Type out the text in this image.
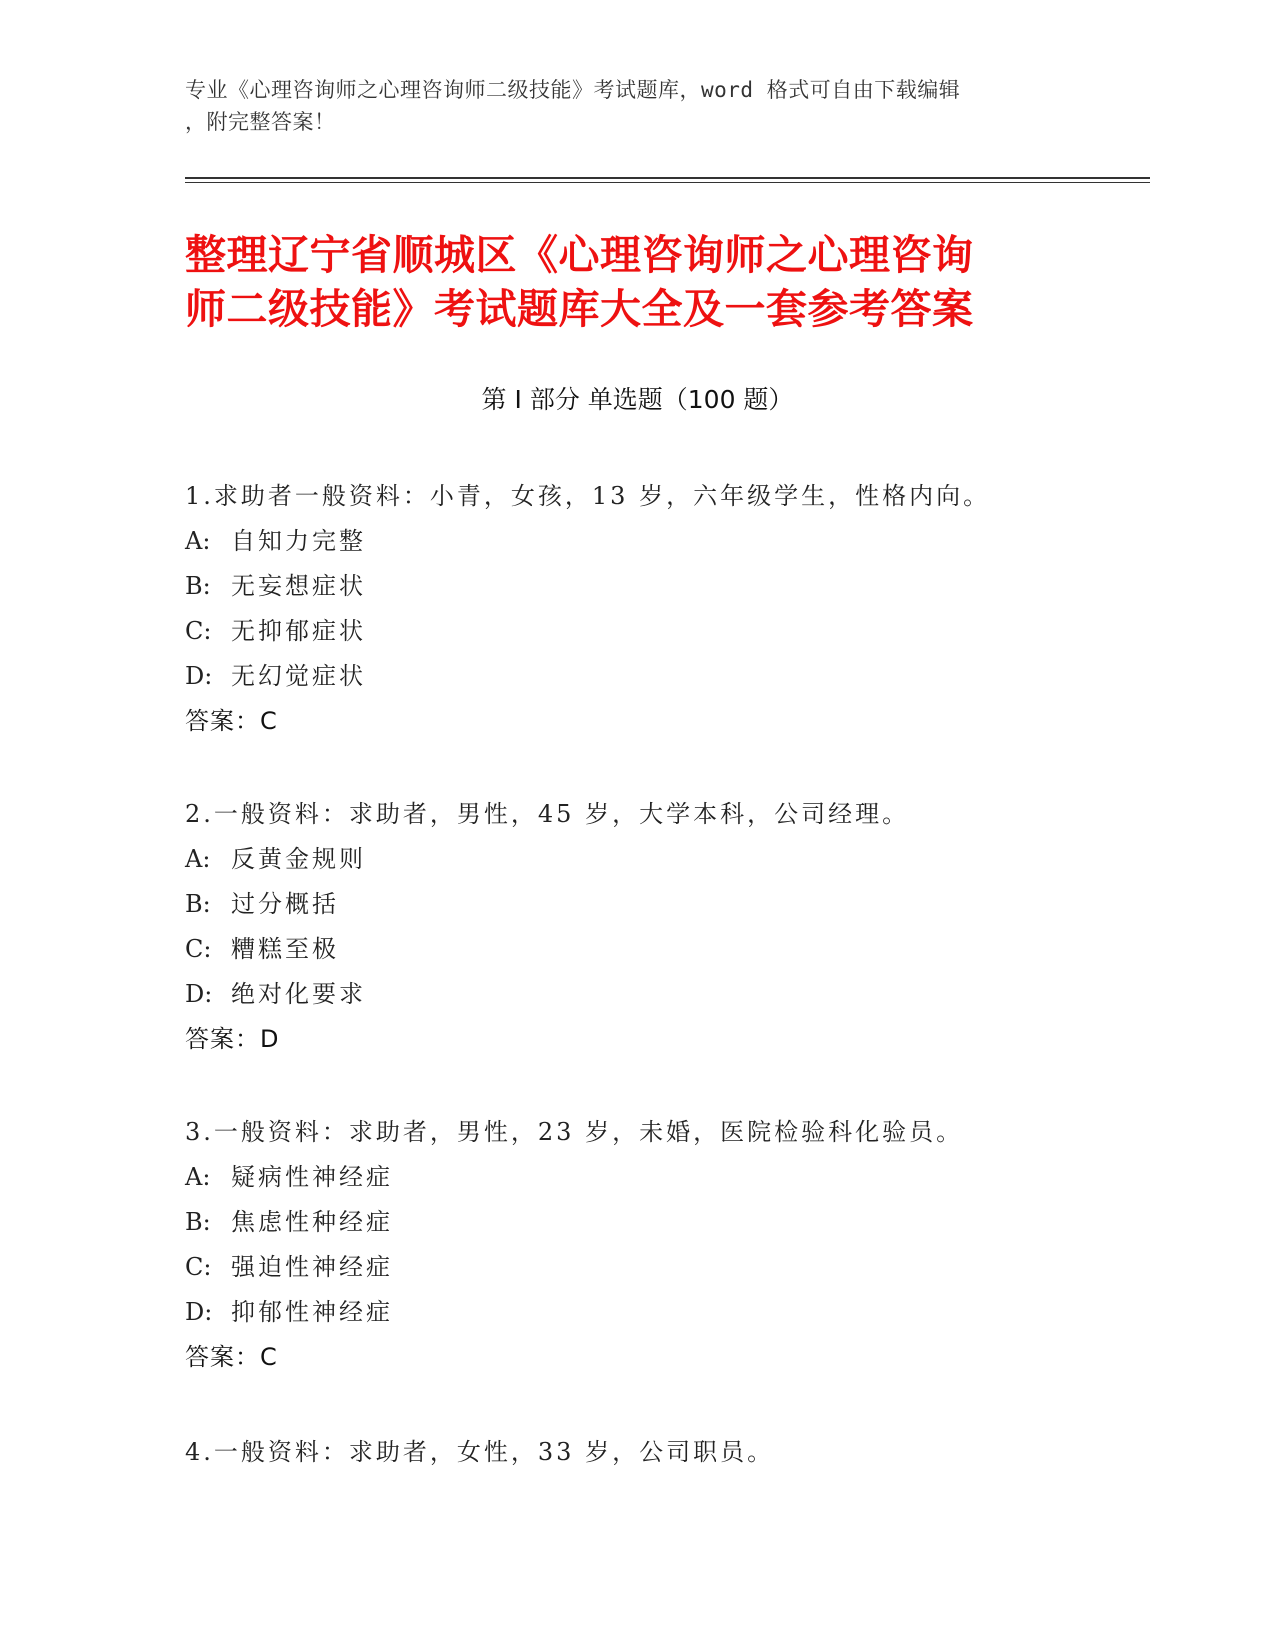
专业《心理咨询师之心理咨询师二级技能》考试题库，word 格式可自由下载编辑
，附完整答案！
整理辽宁省顺城区《心理咨询师之心理咨询
师二级技能》考试题库大全及一套参考答案
第 I 部分 单选题（100 题）
1.求助者一般资料：小青，女孩，13 岁，六年级学生，性格内向。
A: 自知力完整
B: 无妄想症状
C: 无抑郁症状
D: 无幻觉症状
答案：C
2.一般资料：求助者，男性，45 岁，大学本科，公司经理。
A: 反黄金规则
B: 过分概括
C: 糟糕至极
D: 绝对化要求
答案：D
3.一般资料：求助者，男性，23 岁，未婚，医院检验科化验员。
A: 疑病性神经症
B: 焦虑性种经症
C: 强迫性神经症
D: 抑郁性神经症
答案：C
4.一般资料：求助者，女性，33 岁，公司职员。
